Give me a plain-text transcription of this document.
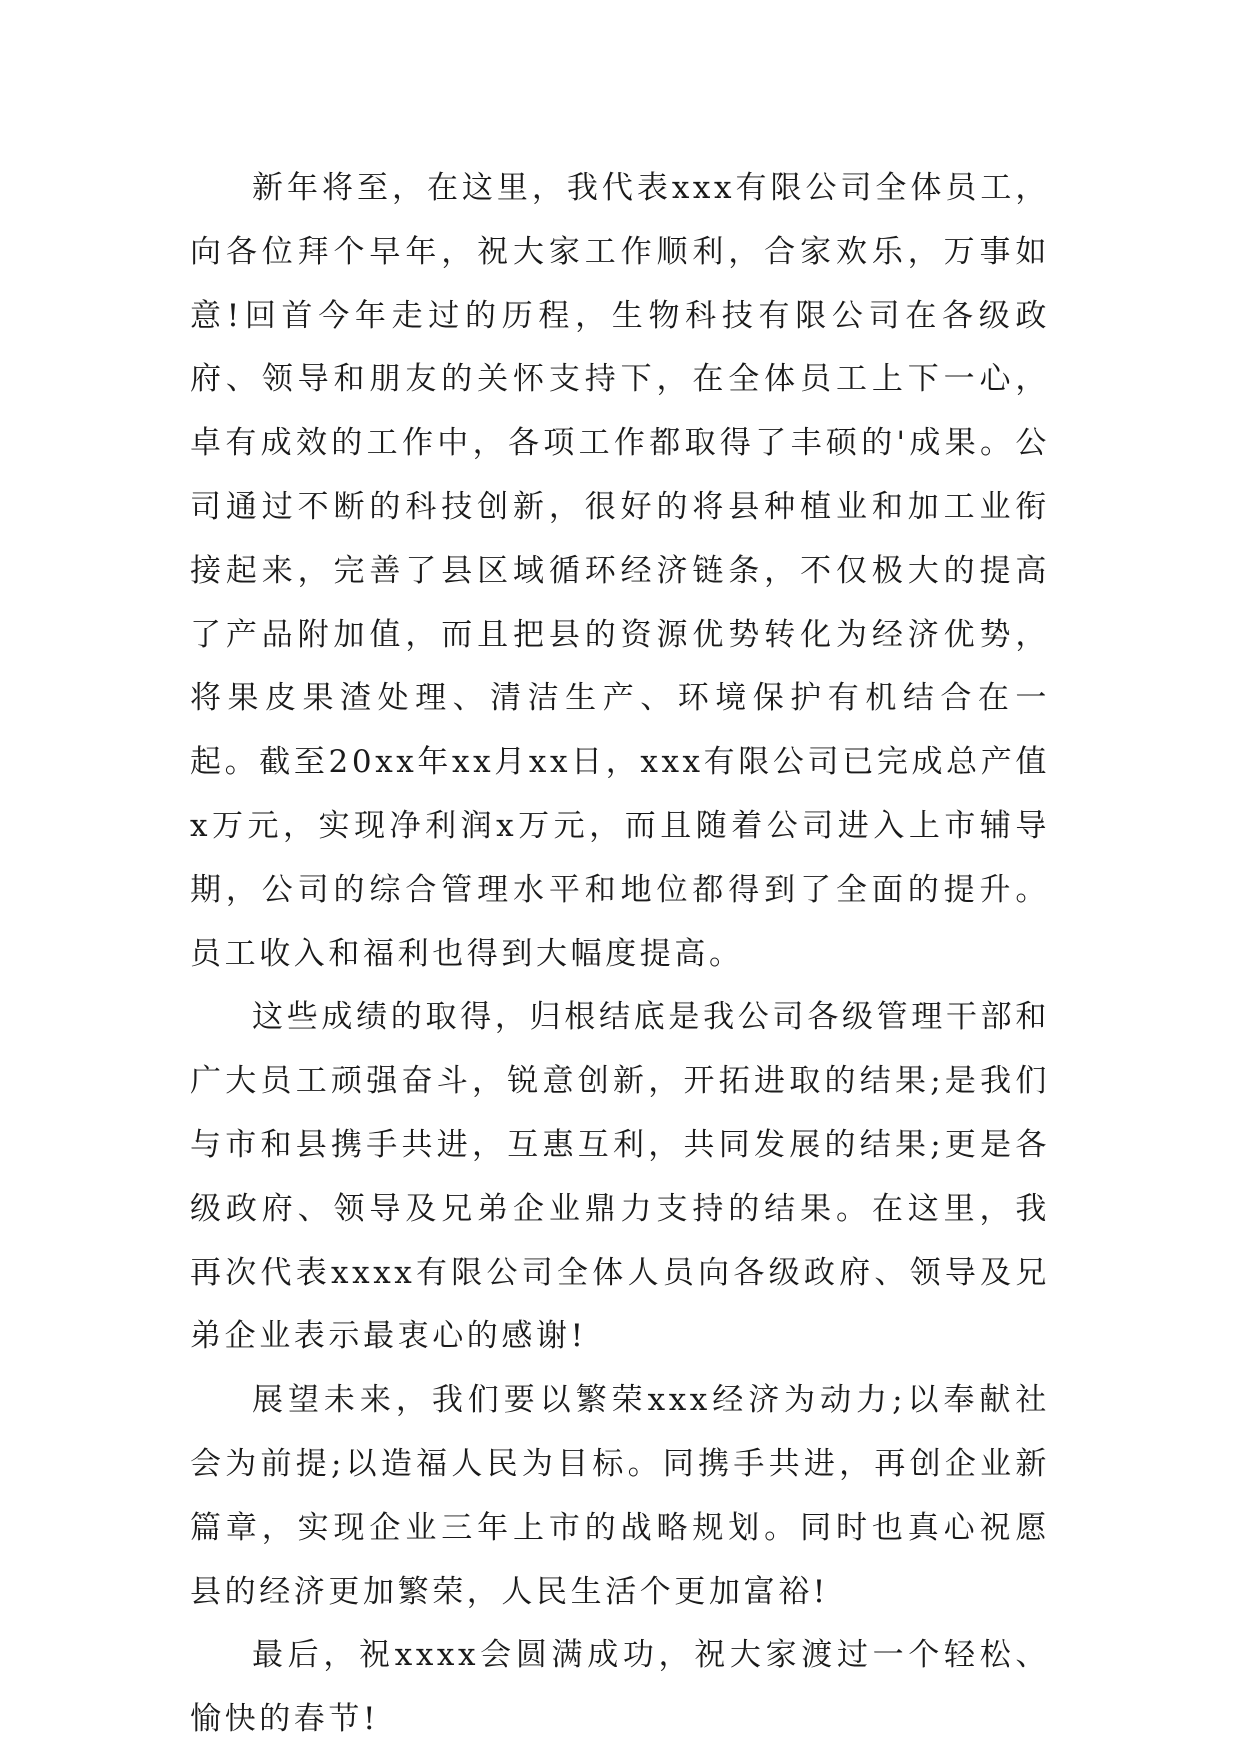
新年将至，在这里，我代表xxx有限公司全体员工，向各位拜个早年，祝大家工作顺利，合家欢乐，万事如意!回首今年走过的历程，生物科技有限公司在各级政府、领导和朋友的关怀支持下，在全体员工上下一心，卓有成效的工作中，各项工作都取得了丰硕的'成果。公司通过不断的科技创新，很好的将县种植业和加工业衔接起来，完善了县区域循环经济链条，不仅极大的提高了产品附加值，而且把县的资源优势转化为经济优势，将果皮果渣处理、清洁生产、环境保护有机结合在一起。截至20xx年xx月xx日，xxx有限公司已完成总产值x万元，实现净利润x万元，而且随着公司进入上市辅导期，公司的综合管理水平和地位都得到了全面的提升。员工收入和福利也得到大幅度提高。

这些成绩的取得，归根结底是我公司各级管理干部和广大员工顽强奋斗，锐意创新，开拓进取的结果;是我们与市和县携手共进，互惠互利，共同发展的结果;更是各级政府、领导及兄弟企业鼎力支持的结果。在这里，我再次代表xxxx有限公司全体人员向各级政府、领导及兄弟企业表示最衷心的感谢!

展望未来，我们要以繁荣xxx经济为动力;以奉献社会为前提;以造福人民为目标。同携手共进，再创企业新篇章，实现企业三年上市的战略规划。同时也真心祝愿县的经济更加繁荣，人民生活个更加富裕!

最后，祝xxxx会圆满成功，祝大家渡过一个轻松、愉快的春节!
